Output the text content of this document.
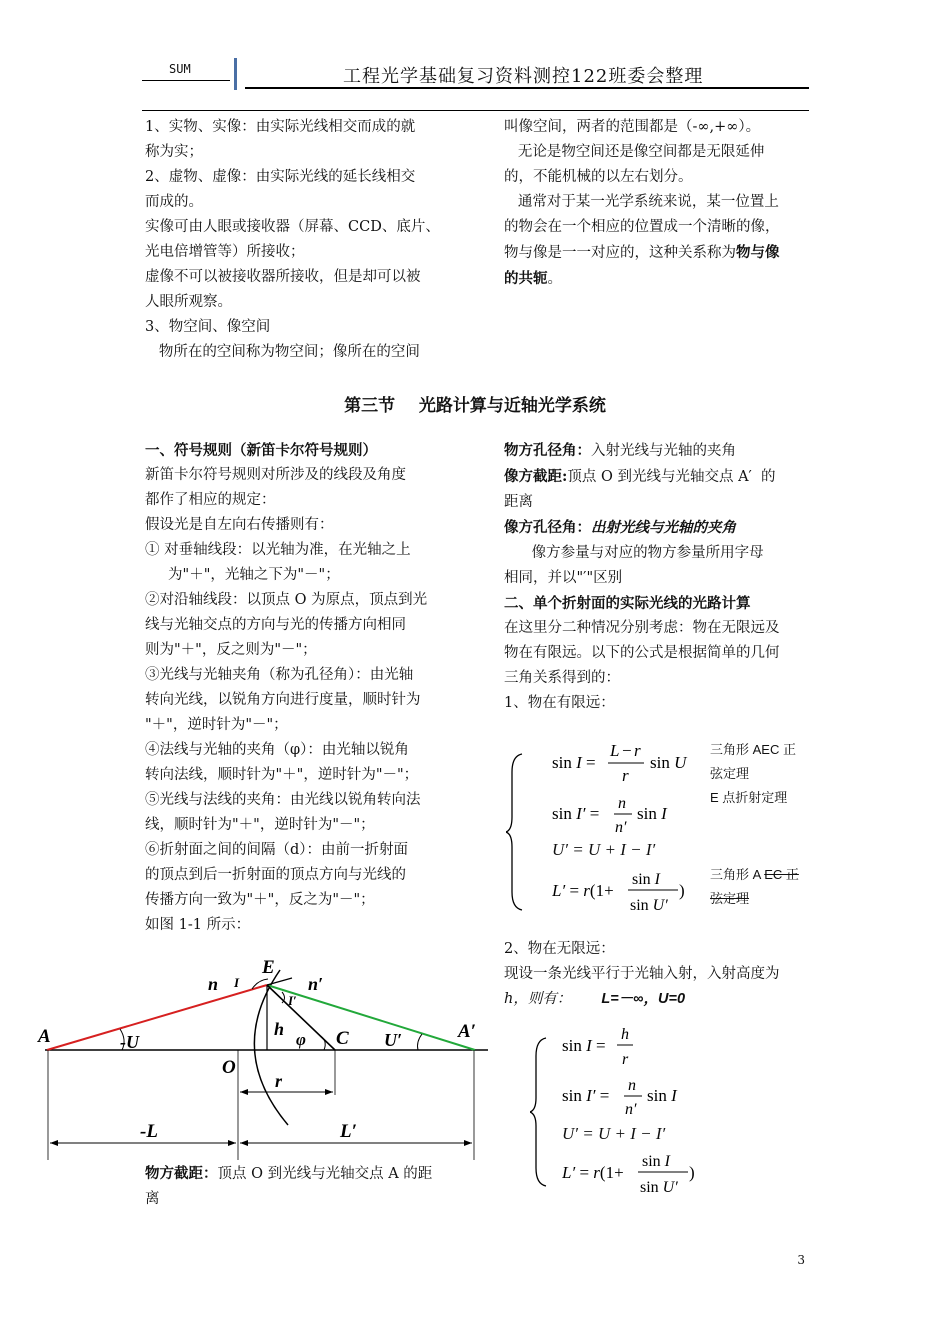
SUM	工程光学基础复习资料测控122班委会整理
1、实物、实像：由实际光线相交而成的就
称为实；
2、虚物、虚像：由实际光线的延长线相交
而成的。
实像可由人眼或接收器（屏幕、CCD、底片、
光电倍增管等）所接收；
虚像不可以被接收器所接收，但是却可以被
人眼所观察。
3、物空间、像空间
物所在的空间称为物空间；像所在的空间
叫像空间，两者的范围都是（-∞,+∞）。
无论是物空间还是像空间都是无限延伸
的，不能机械的以左右划分。
通常对于某一光学系统来说，某一位置上
的物会在一个相应的位置成一个清晰的像，
物与像是一一对应的，这种关系称为物与像
的共轭。
第三节    光路计算与近轴光学系统
一、符号规则（新笛卡尔符号规则）
新笛卡尔符号规则对所涉及的线段及角度
都作了相应的规定：
假设光是自左向右传播则有：
① 对垂轴线段：以光轴为准，在光轴之上
为"＋"，光轴之下为"－"；
②对沿轴线段：以顶点 O 为原点，顶点到光
线与光轴交点的方向与光的传播方向相同
则为"＋"，反之则为"－"；
③光线与光轴夹角（称为孔径角）：由光轴
转向光线，以锐角方向进行度量，顺时针为
"＋"，逆时针为"－"；
④法线与光轴的夹角（φ）：由光轴以锐角
转向法线，顺时针为"＋"，逆时针为"－"；
⑤光线与法线的夹角：由光线以锐角转向法
线，顺时针为"＋"，逆时针为"－"；
⑥折射面之间的间隔（d）：由前一折射面
的顶点到后一折射面的顶点方向与光线的
传播方向一致为"＋"，反之为"－"；
如图 1-1 所示：
E
n I	n′
I′
h
φ C U′	A′
A	-U
O
r
-L	L′
物方截距：顶点 O 到光线与光轴交点 A 的距
离
物方孔径角：入射光线与光轴的夹角
像方截距:顶点 O 到光线与光轴交点 A′  的
距离
像方孔径角：出射光线与光轴的夹角
像方参量与对应的物方参量所用字母
相同，并以"′"区别
二、单个折射面的实际光线的光路计算
在这里分二种情况分别考虑：物在无限远及
物在有限远。以下的公式是根据简单的几何
三角关系得到的：
1、物在有限远：
sin I =
L − r
r
sin U
sin I′ =
n
n′
sin I
U′ = U + I − I′
L′ = r(1+
sin I
sin U′
)
三角形 AEC 正
弦定理
E 点折射定理
三角形 A EC 正
弦定理
2、物在无限远：
现设一条光线平行于光轴入射，入射高度为
h，则有： L=－∞，U=0
sin I =
h
r
sin I′ =
n
n′
sin I
U′ = U + I − I′
L′ = r(1+
sin I
sin U′
)
3
